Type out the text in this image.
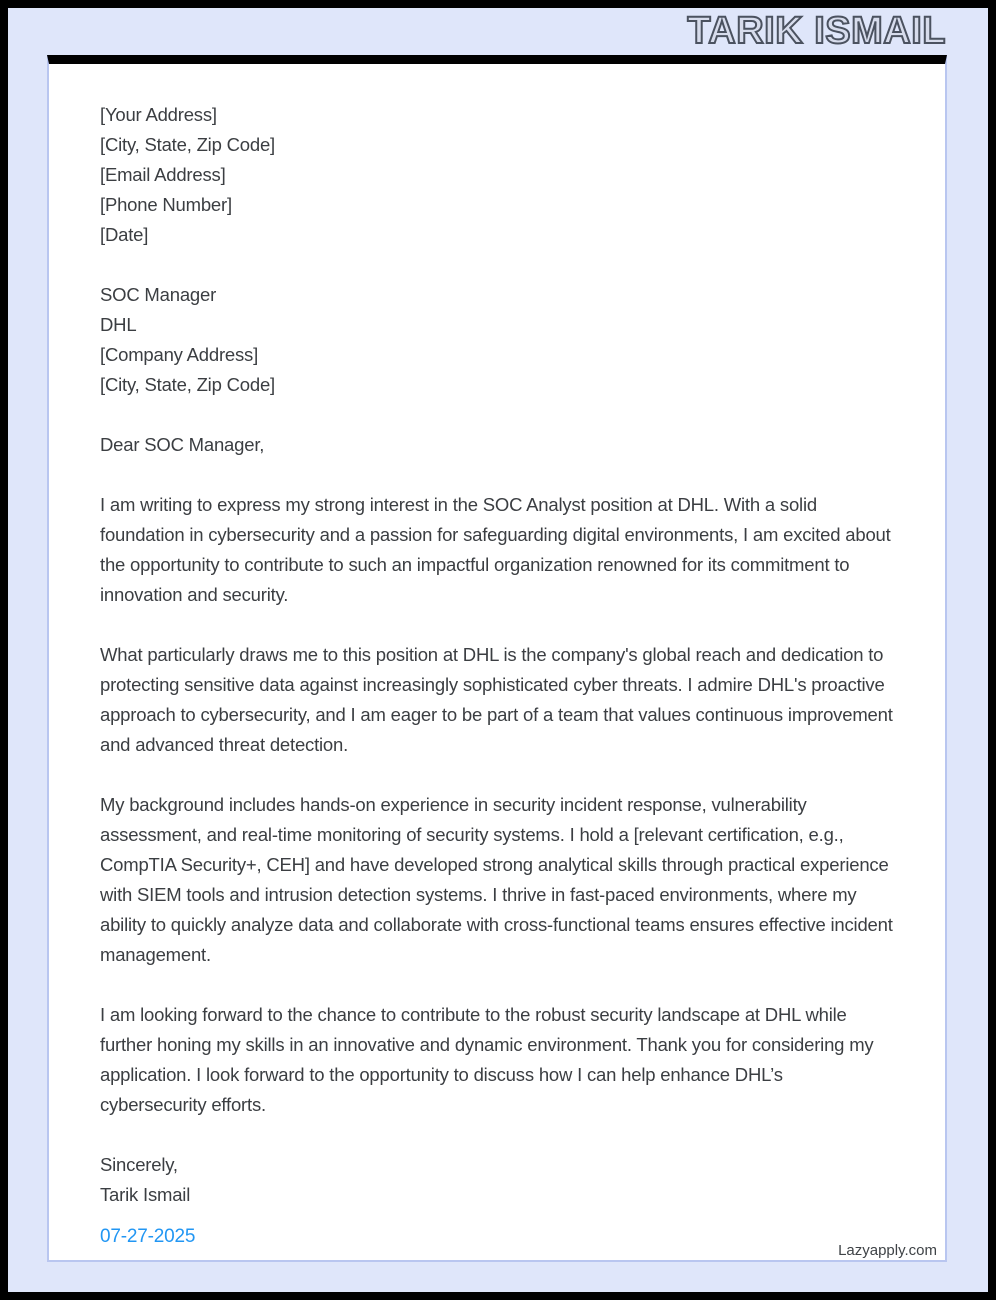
TARIK ISMAIL
[Your Address]
[City, State, Zip Code]
[Email Address]
[Phone Number]
[Date]
SOC Manager
DHL
[Company Address]
[City, State, Zip Code]
Dear SOC Manager,

I am writing to express my strong interest in the SOC Analyst position at DHL. With a solid foundation in cybersecurity and a passion for safeguarding digital environments, I am excited about the opportunity to contribute to such an impactful organization renowned for its commitment to innovation and security.

What particularly draws me to this position at DHL is the company's global reach and dedication to protecting sensitive data against increasingly sophisticated cyber threats. I admire DHL's proactive approach to cybersecurity, and I am eager to be part of a team that values continuous improvement and advanced threat detection.

My background includes hands-on experience in security incident response, vulnerability assessment, and real-time monitoring of security systems. I hold a [relevant certification, e.g., CompTIA Security+, CEH] and have developed strong analytical skills through practical experience with SIEM tools and intrusion detection systems. I thrive in fast-paced environments, where my ability to quickly analyze data and collaborate with cross-functional teams ensures effective incident management.

I am looking forward to the chance to contribute to the robust security landscape at DHL while further honing my skills in an innovative and dynamic environment. Thank you for considering my application. I look forward to the opportunity to discuss how I can help enhance DHL’s cybersecurity efforts.

Sincerely,
Tarik Ismail
07-27-2025
Lazyapply.com
